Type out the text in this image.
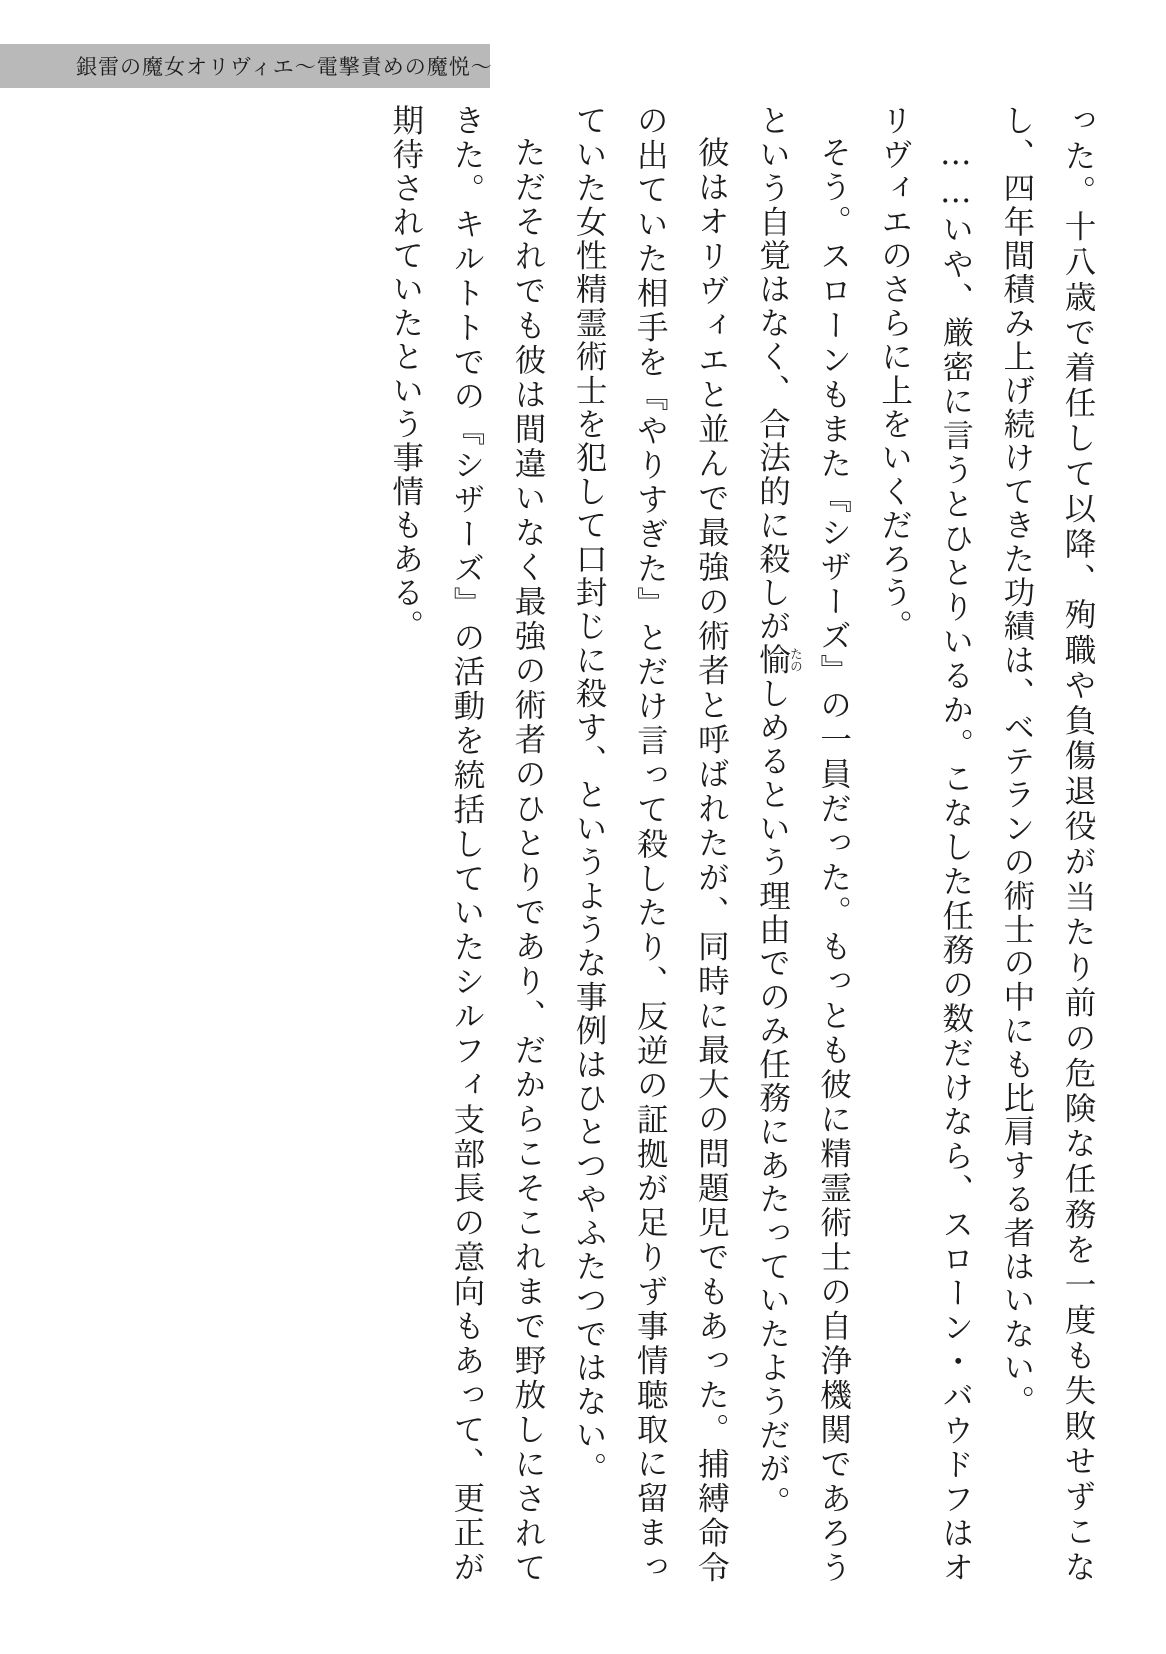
銀雷の魔女オリヴィエ～電撃責めの魔悦～

った。十八歳で着任して以降、殉職や負傷退役が当たり前の危険な任務を一度も失敗せずこなし、四年間積み上げ続けてきた功績は、ベテランの術士の中にも比肩する者はいない。

……いや、厳密に言うとひとりいるか。こなした任務の数だけなら、スローン・バウドフはオリヴィエのさらに上をいくだろう。

そう。スローンもまた『シザーズ』の一員だった。もっとも彼に精霊術士の自浄機関であろうという自覚はなく、合法的に殺しが愉たのしめるという理由でのみ任務にあたっていたようだが。

彼はオリヴィエと並んで最強の術者と呼ばれたが、同時に最大の問題児でもあった。捕縛命令の出ていた相手を『やりすぎた』とだけ言って殺したり、反逆の証拠が足りず事情聴取に留まっていた女性精霊術士を犯して口封じに殺す、というような事例はひとつやふたつではない。

ただそれでも彼は間違いなく最強の術者のひとりであり、だからこそこれまで野放しにされてきた。キルトトでの『シザーズ』の活動を統括していたシルフィ支部長の意向もあって、更正が期待されていたという事情もある。
